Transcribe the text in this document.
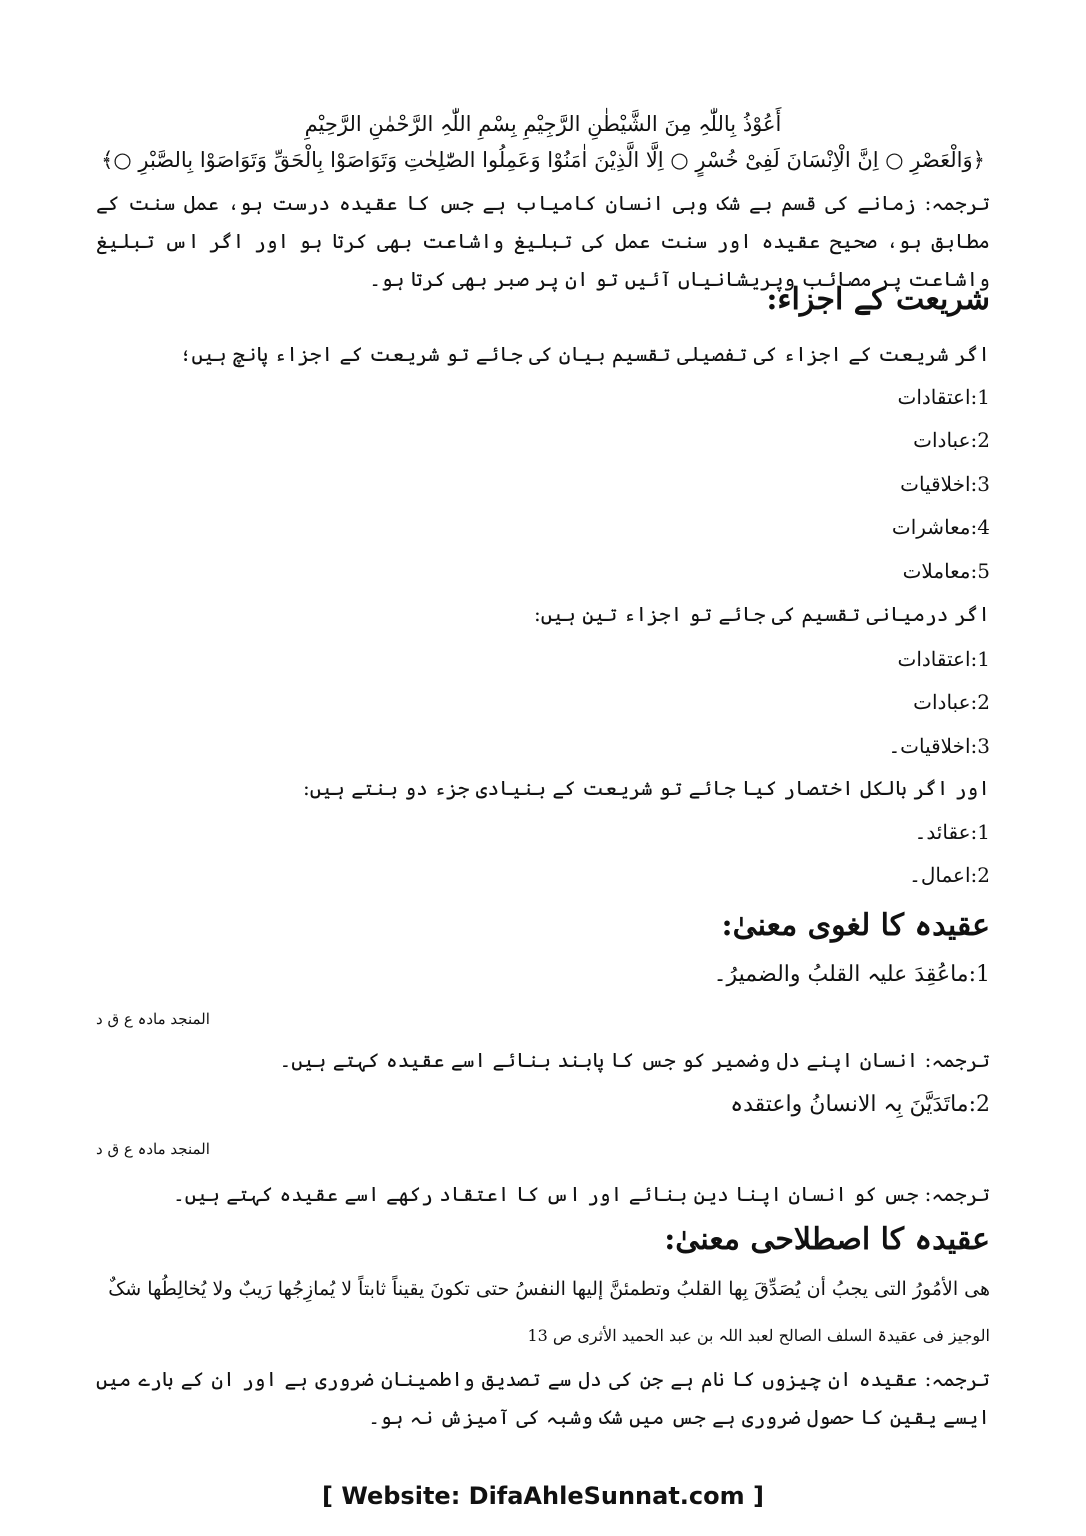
أَعُوْذُ بِاللّٰہِ مِنَ الشَّیْطٰنِ الرَّجِیْمِ بِسْمِ اللّٰہِ الرَّحْمٰنِ الرَّحِیْمِ
﴿وَالْعَصْرِ ○ اِنَّ الْاِنْسَانَ لَفِیْ خُسْرٍ ○ اِلَّا الَّذِیْنَ اٰمَنُوْا وَعَمِلُوا الصّٰلِحٰتِ وَتَوَاصَوْا بِالْحَقِّ وَتَوَاصَوْا بِالصَّبْرِ ○﴾
ترجمہ: زمانے کی قسم بے شک وہی انسان کامیاب ہے جس کا عقیدہ درست ہو، عمل سنت کے مطابق ہو، صحیح عقیدہ اور سنت عمل کی تبلیغ واشاعت بھی کرتا ہو اور اگر اس تبلیغ واشاعت پر مصائب وپریشانیاں آئیں تو ان پر صبر بھی کرتا ہو۔
شریعت کے اجزاء:
اگر شریعت کے اجزاء کی تفصیلی تقسیم بیان کی جائے تو شریعت کے اجزاء پانچ ہیں؛
1:اعتقادات
2:عبادات
3:اخلاقیات
4:معاشرات
5:معاملات
اگر درمیانی تقسیم کی جائے تو اجزاء تین ہیں:
1:اعتقادات
2:عبادات
3:اخلاقیات۔
اور اگر بالکل اختصار کیا جائے تو شریعت کے بنیادی جزء دو بنتے ہیں:
1:عقائد۔
2:اعمال۔
عقیدہ کا لغوی معنیٰ:
1:ماعُقِدَ علیہ القلبُ والضمیرُ۔
المنجد مادہ ع ق د
ترجمہ: انسان اپنے دل وضمیر کو جس کا پابند بنائے اسے عقیدہ کہتے ہیں۔
2:ماتَدَیَّنَ بِہ الانسانُ واعتقدہ
المنجد مادہ ع ق د
ترجمہ: جس کو انسان اپنا دین بنائے اور اس کا اعتقاد رکھے اسے عقیدہ کہتے ہیں۔
عقیدہ کا اصطلاحی معنیٰ:
ھی الأمُورُ التی یجبُ أن یُصَدِّقَ بِھا القلبُ وتطمئنَّ إلیھا النفسُ حتی تکونَ یقیناً ثابتاً لا یُمازِجُھا رَیبٌ ولا یُخالِطُھا شکٌ
الوجیز فی عقیدۃ السلف الصالح لعبد اللہ بن عبد الحمید الأثری ص 13
ترجمہ: عقیدہ ان چیزوں کا نام ہے جن کی دل سے تصدیق واطمینان ضروری ہے اور ان کے بارے میں ایسے یقین کا حصول ضروری ہے جس میں شک وشبہ کی آمیزش نہ ہو۔
[ Website: DifaAhleSunnat.com ]
